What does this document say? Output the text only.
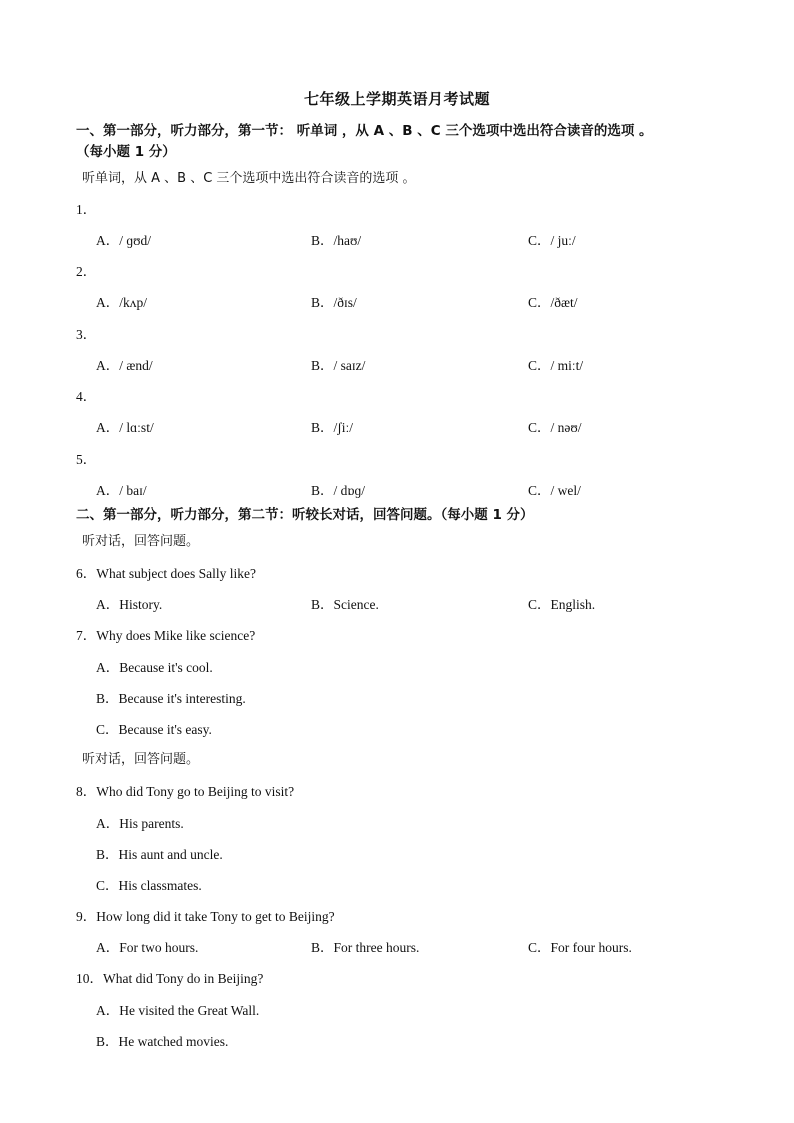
七年级上学期英语月考试题
一、第一部分，听力部分，第一节： 听单词 ，从 A 、B 、C 三个选项中选出符合读音的选项 。
（每小题 1 分）
听单词，从 A 、B 、C 三个选项中选出符合读音的选项 。
1．
A．/ ɡʊd/	B．/haʊ/	C．/ juː/
2．
A．/kʌp/	B．/ðɪs/	C．/ðæt/
3．
A．/ ænd/	B．/ saɪz/	C．/ miːt/
4．
A．/ lɑːst/	B．/ʃiː/	C．/ nəʊ/
5．
A．/ baɪ/	B．/ dɒɡ/	C．/ wel/
二、第一部分，听力部分，第二节：听较长对话，回答问题。（每小题 1 分）
听对话，回答问题。
6．What subject does Sally like?
A．History.	B．Science.	C．English.
7．Why does Mike like science?
A．Because it's cool.
B．Because it's interesting.
C．Because it's easy.
听对话，回答问题。
8．Who did Tony go to Beijing to visit?
A．His parents.
B．His aunt and uncle.
C．His classmates.
9．How long did it take Tony to get to Beijing?
A．For two hours.	B．For three hours.	C．For four hours.
10．What did Tony do in Beijing?
A．He visited the Great Wall.
B．He watched movies.
